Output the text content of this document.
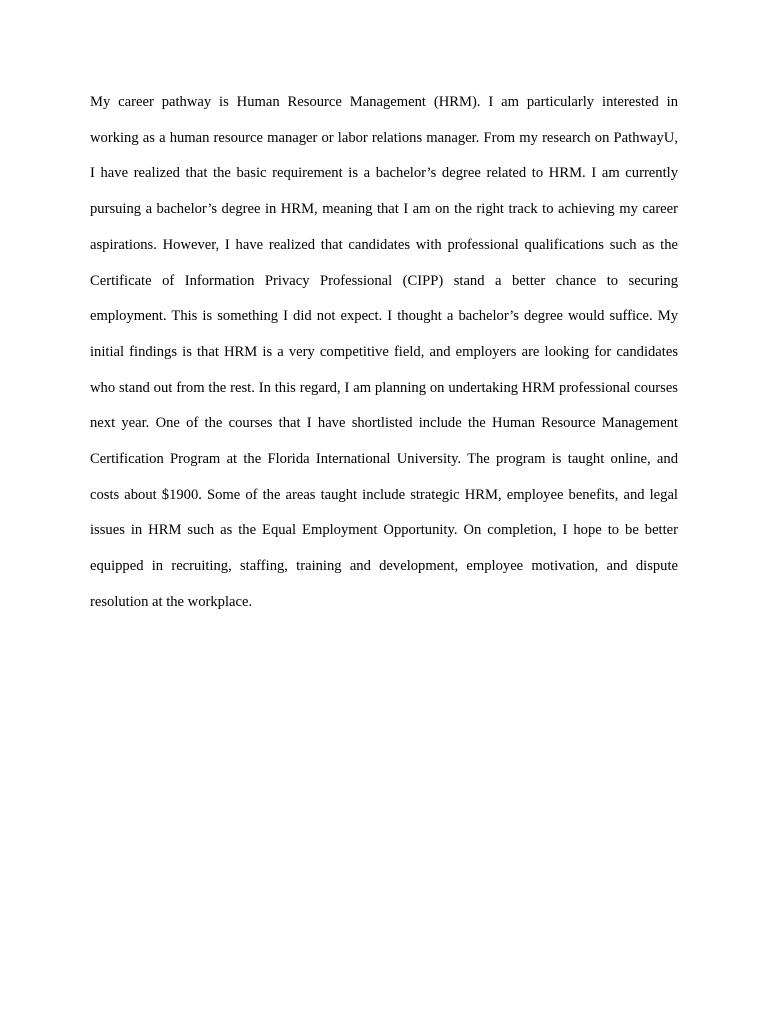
My career pathway is Human Resource Management (HRM). I am particularly interested in working as a human resource manager or labor relations manager. From my research on PathwayU, I have realized that the basic requirement is a bachelor’s degree related to HRM. I am currently pursuing a bachelor’s degree in HRM, meaning that I am on the right track to achieving my career aspirations. However, I have realized that candidates with professional qualifications such as the Certificate of Information Privacy Professional (CIPP) stand a better chance to securing employment. This is something I did not expect. I thought a bachelor’s degree would suffice. My initial findings is that HRM is a very competitive field, and employers are looking for candidates who stand out from the rest. In this regard, I am planning on undertaking HRM professional courses next year. One of the courses that I have shortlisted include the Human Resource Management Certification Program at the Florida International University. The program is taught online, and costs about $1900. Some of the areas taught include strategic HRM, employee benefits, and legal issues in HRM such as the Equal Employment Opportunity. On completion, I hope to be better equipped in recruiting, staffing, training and development, employee motivation, and dispute resolution at the workplace.
